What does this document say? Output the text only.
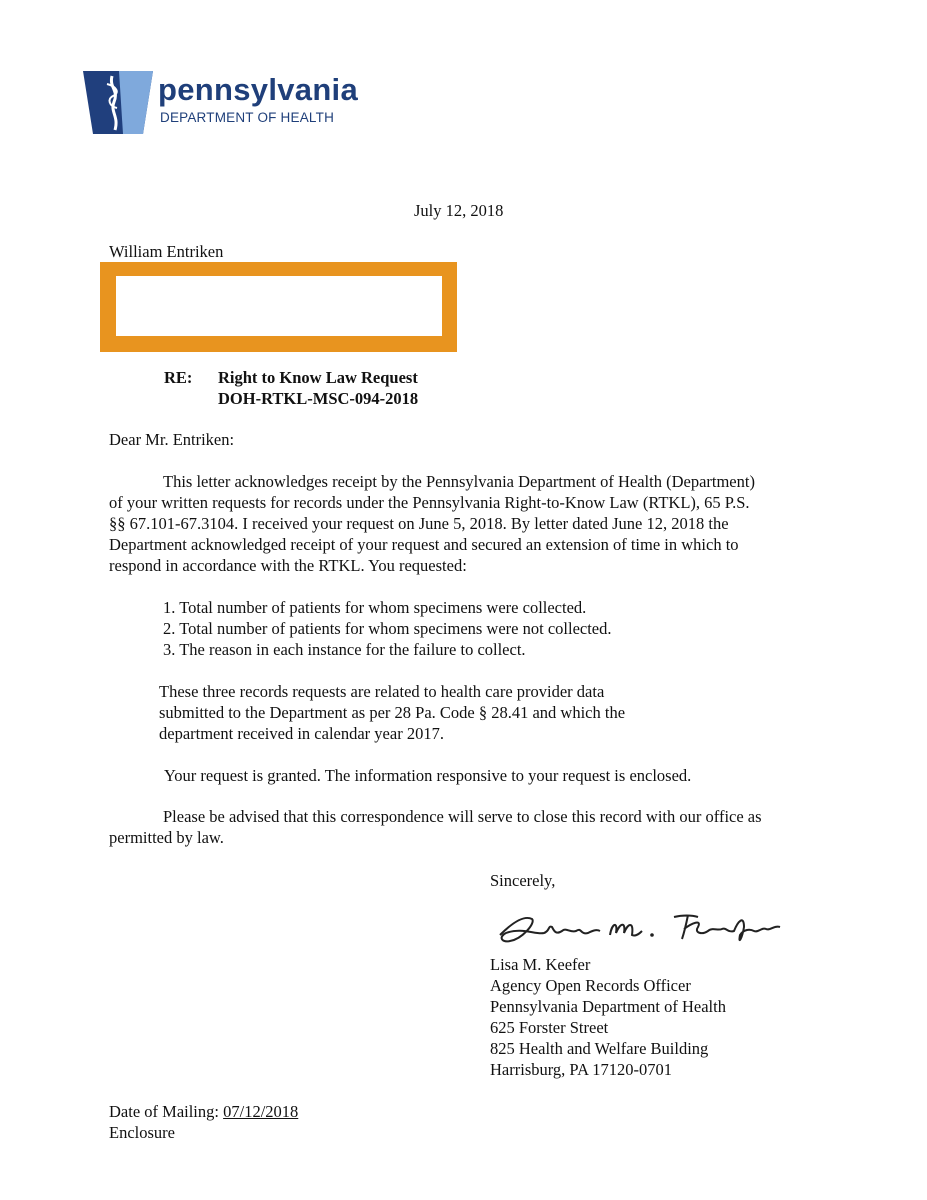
pennsylvania
DEPARTMENT OF HEALTH
July 12, 2018
William Entriken
RE: Right to Know Law Request
DOH-RTKL-MSC-094-2018
Dear Mr. Entriken:
This letter acknowledges receipt by the Pennsylvania Department of Health (Department)
of your written requests for records under the Pennsylvania Right-to-Know Law (RTKL), 65 P.S.
§§ 67.101-67.3104. I received your request on June 5, 2018. By letter dated June 12, 2018 the
Department acknowledged receipt of your request and secured an extension of time in which to
respond in accordance with the RTKL. You requested:
1. Total number of patients for whom specimens were collected.
2. Total number of patients for whom specimens were not collected.
3. The reason in each instance for the failure to collect.
These three records requests are related to health care provider data
submitted to the Department as per 28 Pa. Code § 28.41 and which the
department received in calendar year 2017.
Your request is granted. The information responsive to your request is enclosed.
Please be advised that this correspondence will serve to close this record with our office as
permitted by law.
Sincerely,
Lisa M. Keefer
Agency Open Records Officer
Pennsylvania Department of Health
625 Forster Street
825 Health and Welfare Building
Harrisburg, PA 17120-0701
Date of Mailing: 07/12/2018
Enclosure
